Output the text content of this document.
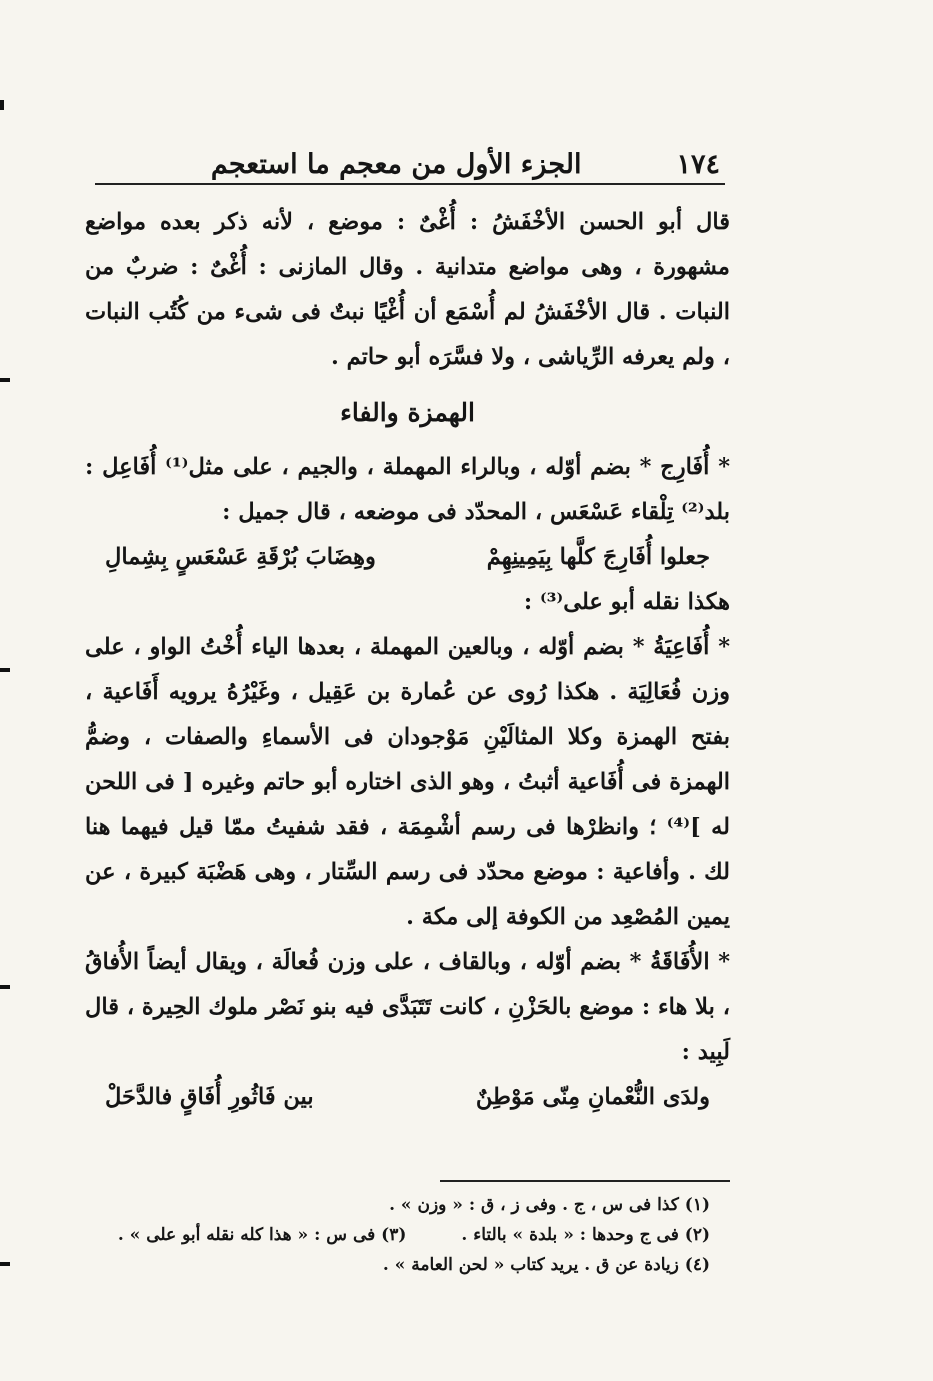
١٧٤
الجزء الأول من معجم ما استعجم

قال أبو الحسن الأخْفَشُ : أُغْىٌ : موضع ، لأنه ذكر بعده مواضع مشهورة ، وهى مواضع متدانية . وقال المازنى : أُغْىٌ : ضربٌ من النبات . قال الأخْفَشُ لم أُسْمَع أن أُغْيًا نبتٌ فى شىء من كُتُب النبات ، ولم يعرفه الرِّياشى ، ولا فسَّرَه أبو حاتم .

الهمزة والفاء

* أُفَارِج * بضم أوّله ، وبالراء المهملة ، والجيم ، على مثل⁽¹⁾ أُفَاعِل : بلد⁽²⁾ تِلْقاء عَسْعَس ، المحدّد فى موضعه ، قال جميل :

جعلوا أُفَارِجَ كلَّها بِيَمِينِهِمْ
وهِضَابَ بُرْقَةِ عَسْعَسٍ بِشِمالِ

هكذا نقله أبو على⁽³⁾ :

* أُفَاعِيَةُ * بضم أوّله ، وبالعين المهملة ، بعدها الياء أُخْتُ الواو ، على وزن فُعَالِيَة . هكذا رُوى عن عُمارة بن عَقِيل ، وغَيْرُهُ يرويه أَفَاعية ، بفتح الهمزة وكلا المثالَيْنِ مَوْجودان فى الأسماءِ والصفات ، وضمُّ الهمزة فى أُفَاعية أثبتُ ، وهو الذى اختاره أبو حاتم وغيره [ فى اللحن له ]⁽⁴⁾ ؛ وانظرْها فى رسم أشْمِمَة ، فقد شفيتُ ممّا قيل فيهما هنا لك . وأفاعية : موضع محدّد فى رسم السِّتار ، وهى هَضْبَة كبيرة ، عن يمين المُصْعِد من الكوفة إلى مكة .

* الأُفَاقَةُ * بضم أوّله ، وبالقاف ، على وزن فُعالَة ، ويقال أيضاً الأُفاقُ ، بلا هاء : موضع بالحَزْنِ ، كانت تَتَبَدَّى فيه بنو نَصْر ملوك الحِيرة ، قال لَبِيد :

ولدَى النُّعْمانِ مِنّى مَوْطِنٌ
بين فَاثُورِ أُفَاقٍ فالدَّحَلْ
(١) كذا فى س ، ج . وفى ز ، ق : « وزن » .
(٢) فى ج وحدها : « بلدة » بالتاء .
(٣) فى س : « هذا كله نقله أبو على » .
(٤) زيادة عن ق . يريد كتاب « لحن العامة » .
